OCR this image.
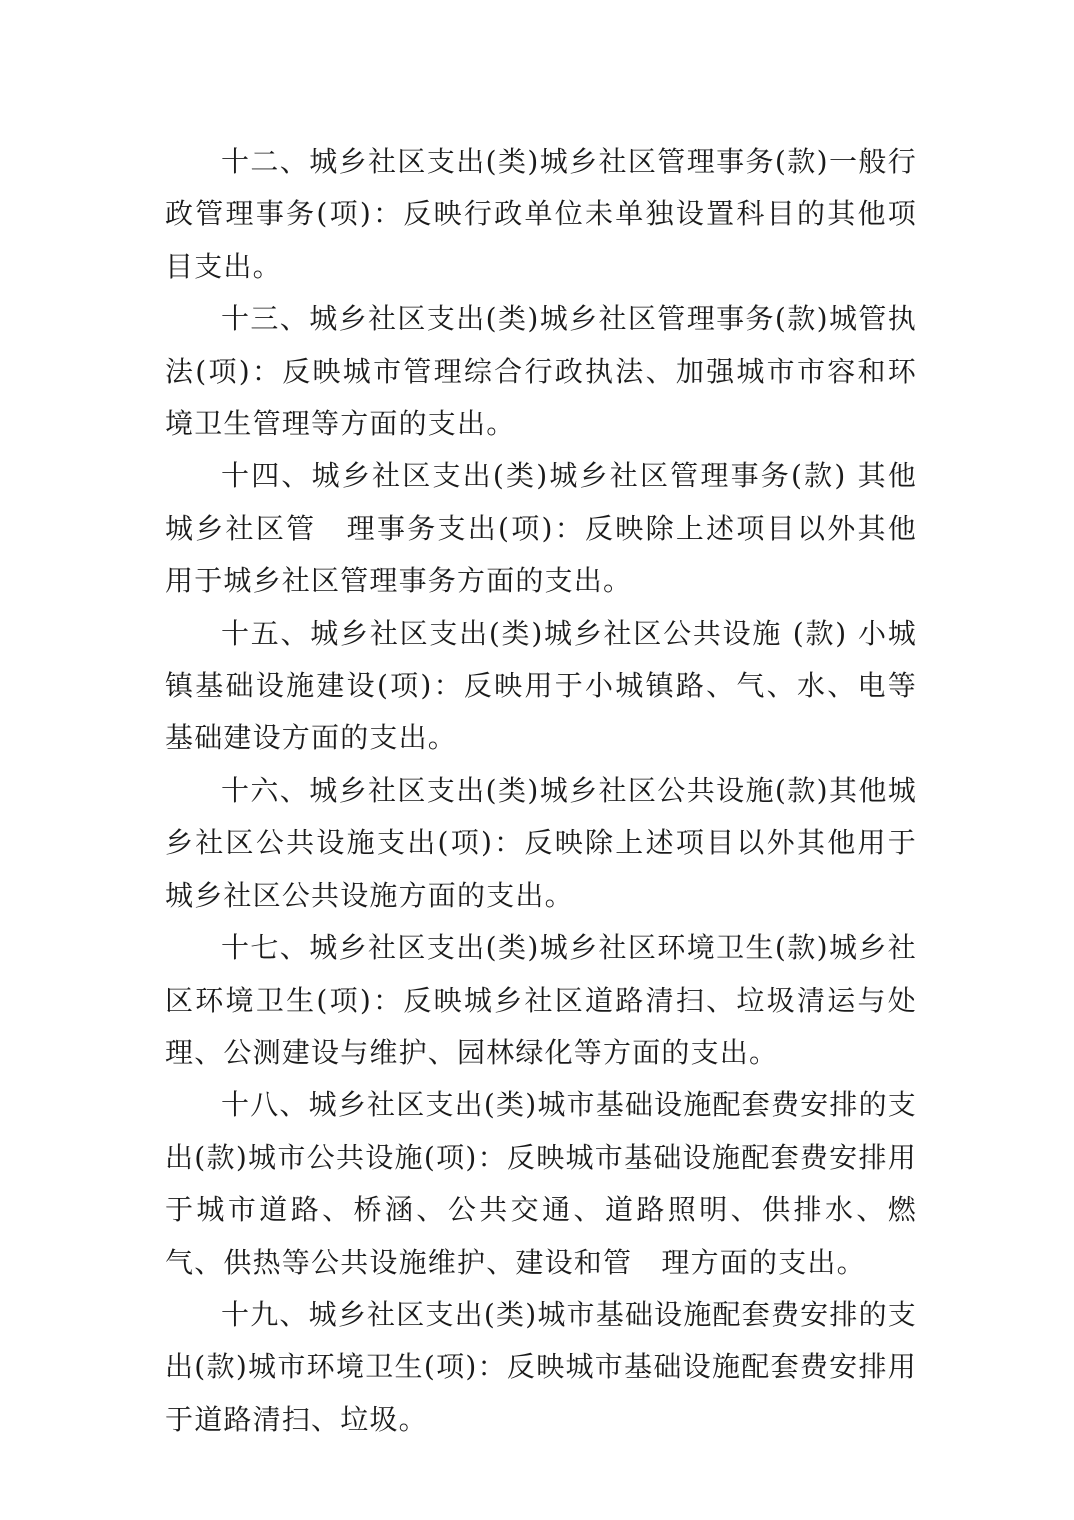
十二、城乡社区支出(类)城乡社区管理事务(款)一般行政管理事务(项)：反映行政单位未单独设置科目的其他项目支出。

十三、城乡社区支出(类)城乡社区管理事务(款)城管执法(项)：反映城市管理综合行政执法、加强城市市容和环境卫生管理等方面的支出。

十四、城乡社区支出(类)城乡社区管理事务(款) 其他城乡社区管　理事务支出(项)：反映除上述项目以外其他用于城乡社区管理事务方面的支出。

十五、城乡社区支出(类)城乡社区公共设施 (款) 小城镇基础设施建设(项)：反映用于小城镇路、气、水、电等基础建设方面的支出。

十六、城乡社区支出(类)城乡社区公共设施(款)其他城乡社区公共设施支出(项)：反映除上述项目以外其他用于城乡社区公共设施方面的支出。

十七、城乡社区支出(类)城乡社区环境卫生(款)城乡社区环境卫生(项)：反映城乡社区道路清扫、垃圾清运与处理、公测建设与维护、园林绿化等方面的支出。

十八、城乡社区支出(类)城市基础设施配套费安排的支出(款)城市公共设施(项)：反映城市基础设施配套费安排用于城市道路、桥涵、公共交通、道路照明、供排水、燃气、供热等公共设施维护、建设和管　理方面的支出。

十九、城乡社区支出(类)城市基础设施配套费安排的支出(款)城市环境卫生(项)：反映城市基础设施配套费安排用于道路清扫、垃圾。
